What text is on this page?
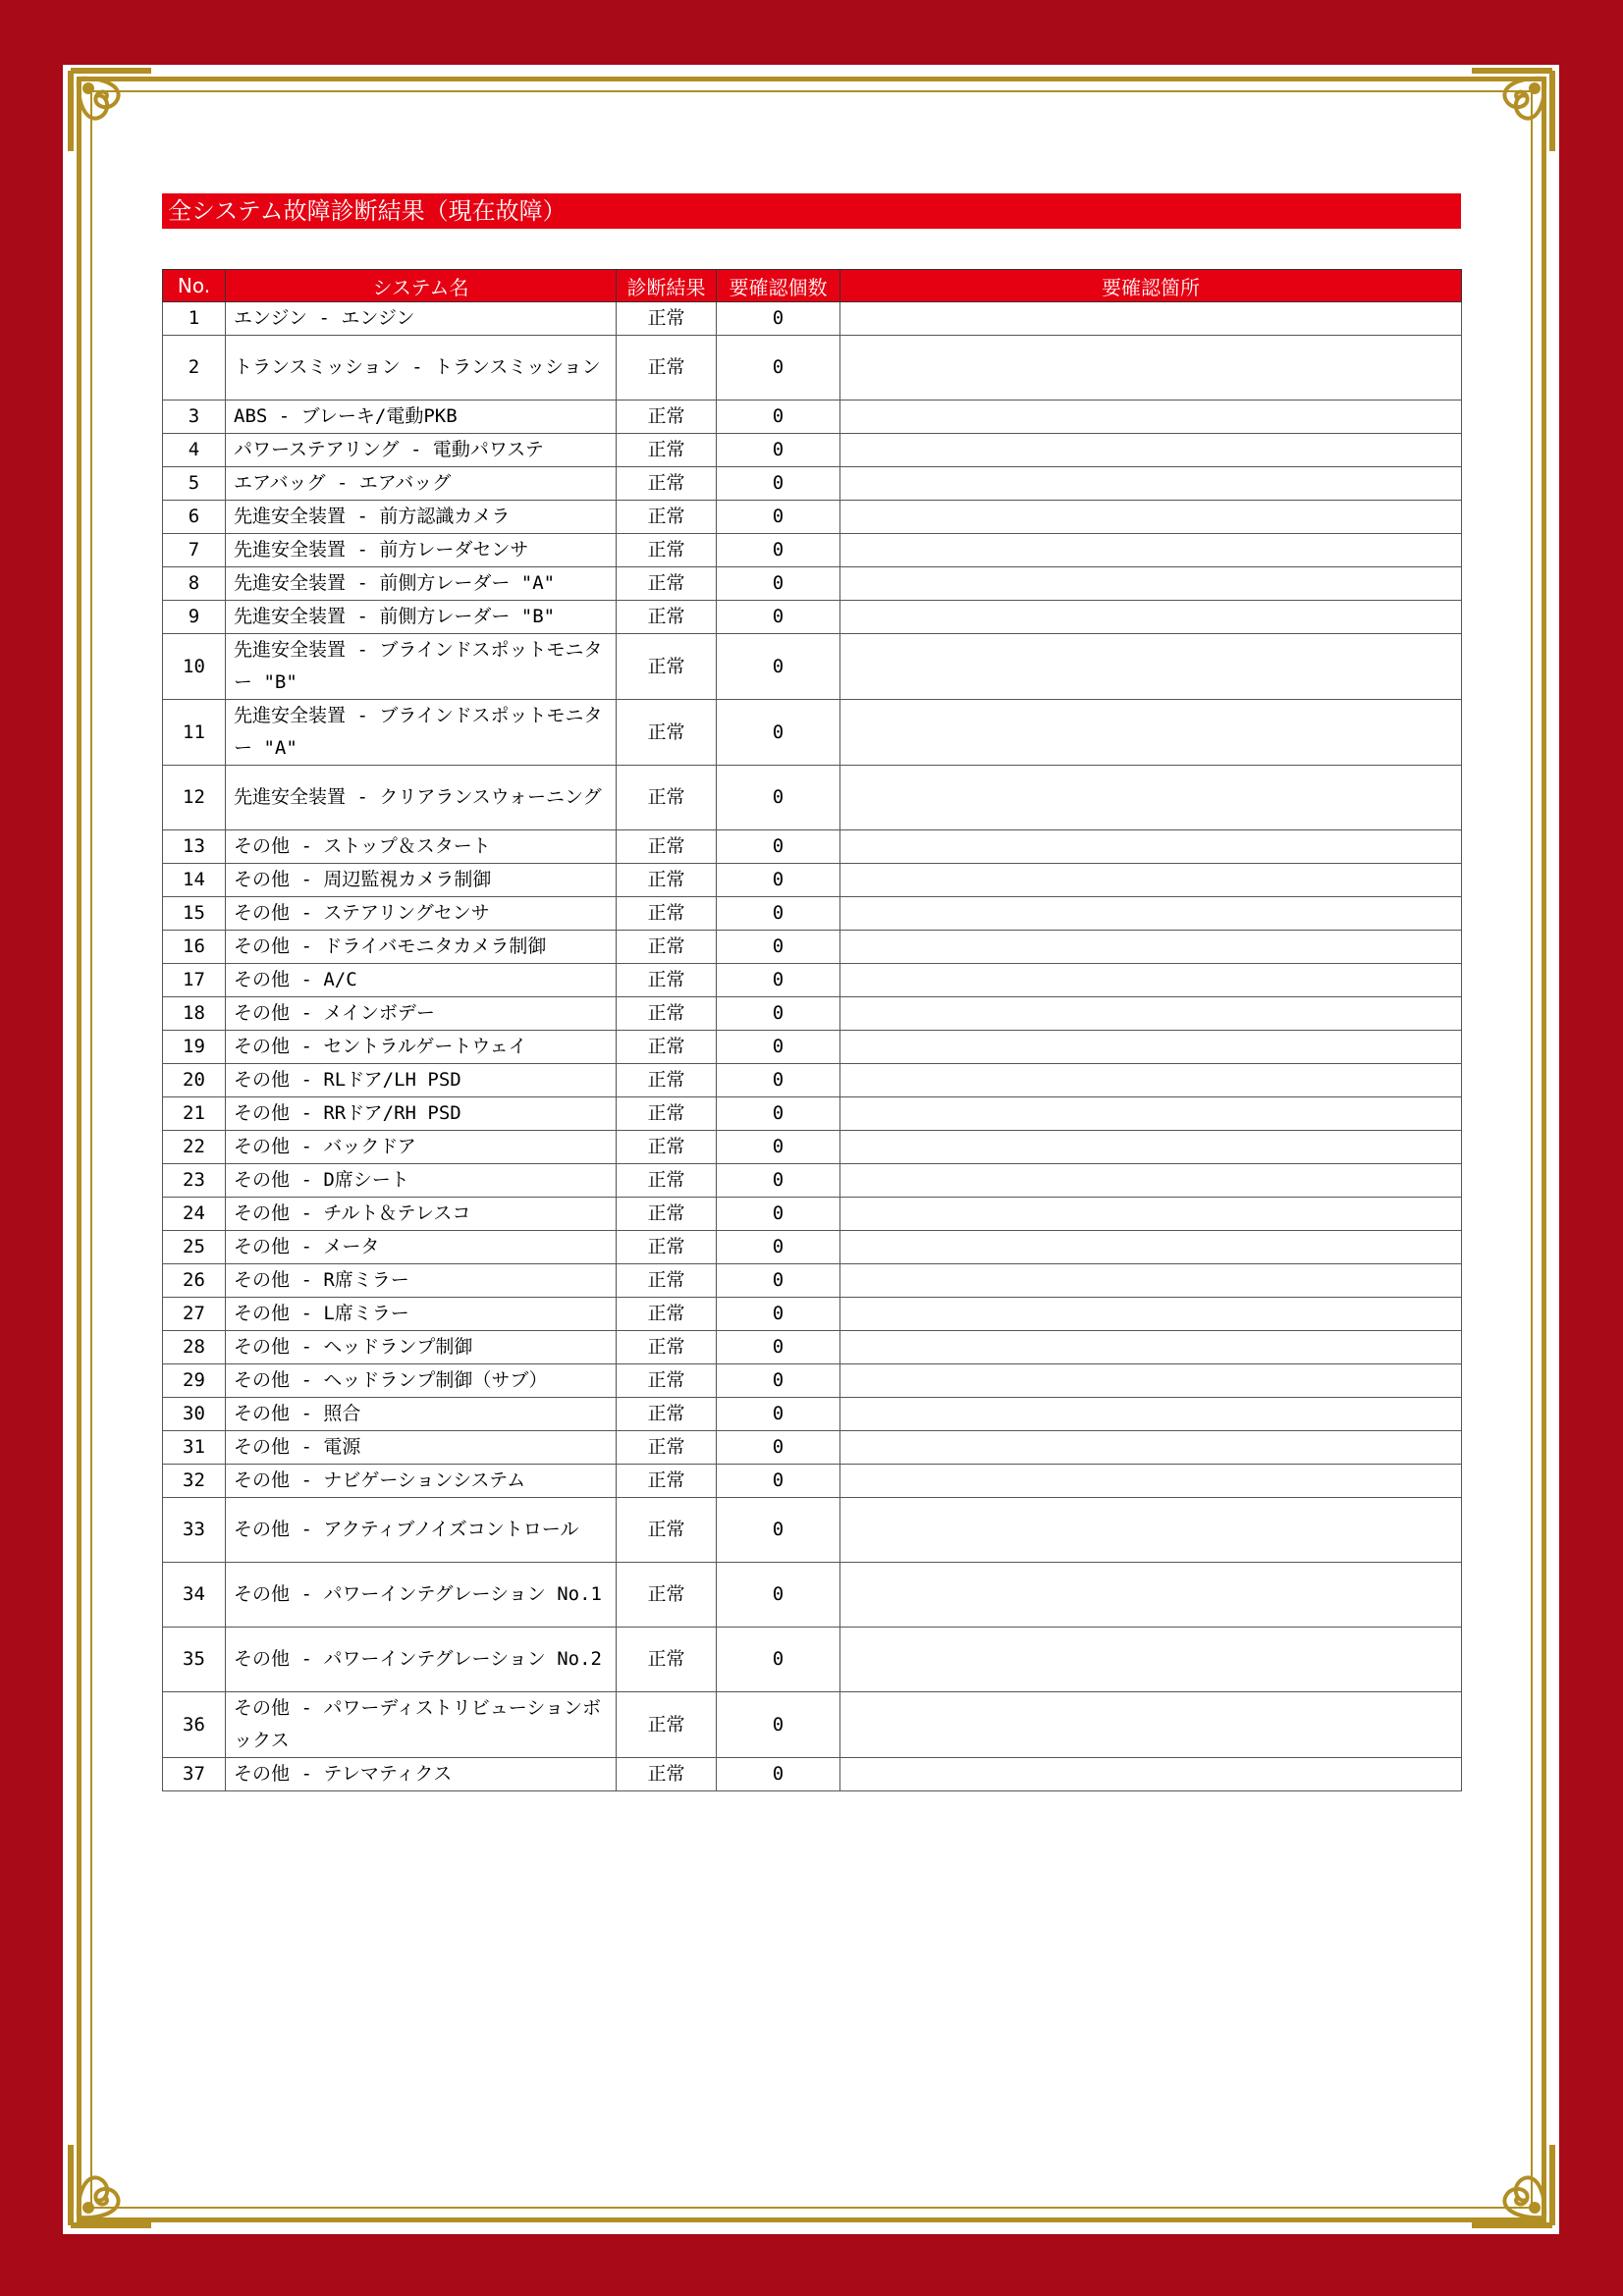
全システム故障診断結果（現在故障）
No.	システム名	診断結果	要確認個数	要確認箇所
1	エンジン - エンジン	正常	0	
2	トランスミッション - トランスミッション	正常	0	
3	ABS - ブレーキ/電動PKB	正常	0	
4	パワーステアリング - 電動パワステ	正常	0	
5	エアバッグ - エアバッグ	正常	0	
6	先進安全装置 - 前方認識カメラ	正常	0	
7	先進安全装置 - 前方レーダセンサ	正常	0	
8	先進安全装置 - 前側方レーダー "A"	正常	0	
9	先進安全装置 - 前側方レーダー "B"	正常	0	
10	先進安全装置 - ブラインドスポットモニター "B"	正常	0	
11	先進安全装置 - ブラインドスポットモニター "A"	正常	0	
12	先進安全装置 - クリアランスウォーニング	正常	0	
13	その他 - ストップ＆スタート	正常	0	
14	その他 - 周辺監視カメラ制御	正常	0	
15	その他 - ステアリングセンサ	正常	0	
16	その他 - ドライバモニタカメラ制御	正常	0	
17	その他 - A/C	正常	0	
18	その他 - メインボデー	正常	0	
19	その他 - セントラルゲートウェイ	正常	0	
20	その他 - RLドア/LH PSD	正常	0	
21	その他 - RRドア/RH PSD	正常	0	
22	その他 - バックドア	正常	0	
23	その他 - D席シート	正常	0	
24	その他 - チルト＆テレスコ	正常	0	
25	その他 - メータ	正常	0	
26	その他 - R席ミラー	正常	0	
27	その他 - L席ミラー	正常	0	
28	その他 - ヘッドランプ制御	正常	0	
29	その他 - ヘッドランプ制御（サブ）	正常	0	
30	その他 - 照合	正常	0	
31	その他 - 電源	正常	0	
32	その他 - ナビゲーションシステム	正常	0	
33	その他 - アクティブノイズコントロール	正常	0	
34	その他 - パワーインテグレーション No.1	正常	0	
35	その他 - パワーインテグレーション No.2	正常	0	
36	その他 - パワーディストリビューションボックス	正常	0	
37	その他 - テレマティクス	正常	0	
